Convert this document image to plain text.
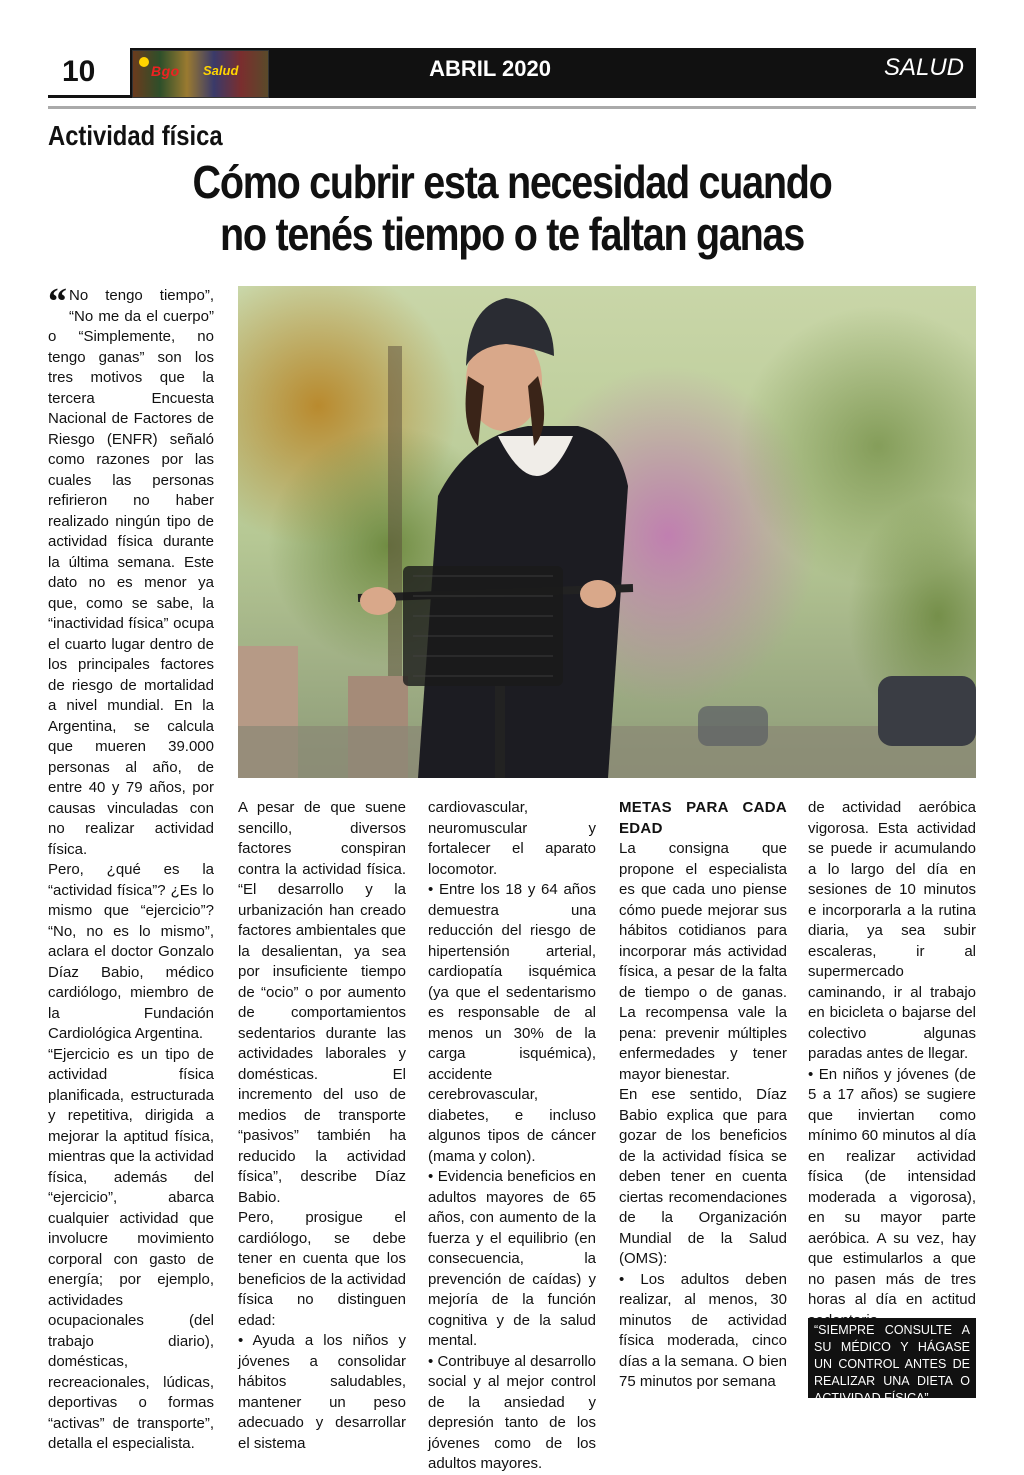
10	Bgo Salud	ABRIL 2020	SALUD
Actividad física
Cómo cubrir esta necesidad cuando
no tenés tiempo o te faltan ganas

“ No tengo tiempo”, “No me da el cuerpo” o “Simplemente, no tengo ganas” son los tres motivos que la tercera Encuesta Nacional de Factores de Riesgo (ENFR) señaló como razones por las cuales las personas refirieron no haber realizado ningún tipo de actividad física durante la última semana. Este dato no es menor ya que, como se sabe, la “inactividad física” ocupa el cuarto lugar dentro de los principales factores de riesgo de mortalidad a nivel mundial. En la Argentina, se calcula que mueren 39.000 personas al año, de entre 40 y 79 años, por causas vinculadas con no realizar actividad física.

Pero, ¿qué es la “actividad física”? ¿Es lo mismo que “ejercicio”? “No, no es lo mismo”, aclara el doctor Gonzalo Díaz Babio, médico cardiólogo, miembro de la Fundación Cardiológica Argentina.

“Ejercicio es un tipo de actividad física planificada, estructurada y repetitiva, dirigida a mejorar la aptitud física, mientras que la actividad física, además del “ejercicio”, abarca cualquier actividad que involucre movimiento corporal con gasto de energía; por ejemplo, actividades ocupacionales (del trabajo diario), domésticas, recreacionales, lúdicas, deportivas o formas “activas” de transporte”, detalla el especialista.

A pesar de que suene sencillo, diversos factores conspiran contra la actividad física. “El desarrollo y la urbanización han creado factores ambientales que la desalientan, ya sea por insuficiente tiempo de “ocio” o por aumento de comportamientos sedentarios durante las actividades laborales y domésticas. El incremento del uso de medios de transporte “pasivos” también ha reducido la actividad física”, describe Díaz Babio.

Pero, prosigue el cardiólogo, se debe tener en cuenta que los beneficios de la actividad física no distinguen edad:

• Ayuda a los niños y jóvenes a consolidar hábitos saludables, mantener un peso adecuado y desarrollar el sistema

cardiovascular, neuromuscular y fortalecer el aparato locomotor.

• Entre los 18 y 64 años demuestra una reducción del riesgo de hipertensión arterial, cardiopatía isquémica (ya que el sedentarismo es responsable de al menos un 30% de la carga isquémica), accidente cerebrovascular, diabetes, e incluso algunos tipos de cáncer (mama y colon).

• Evidencia beneficios en adultos mayores de 65 años, con aumento de la fuerza y el equilibrio (en consecuencia, la prevención de caídas) y mejoría de la función cognitiva y de la salud mental.

• Contribuye al desarrollo social y al mejor control de la ansiedad y depresión tanto de los jóvenes como de los adultos mayores.

METAS PARA CADA EDAD

La consigna que propone el especialista es que cada uno piense cómo puede mejorar sus hábitos cotidianos para incorporar más actividad física, a pesar de la falta de tiempo o de ganas. La recompensa vale la pena: prevenir múltiples enfermedades y tener mayor bienestar.

En ese sentido, Díaz Babio explica que para gozar de los beneficios de la actividad física se deben tener en cuenta ciertas recomendaciones de la Organización Mundial de la Salud (OMS):

• Los adultos deben realizar, al menos, 30 minutos de actividad física moderada, cinco días a la semana. O bien 75 minutos por semana

de actividad aeróbica vigorosa. Esta actividad se puede ir acumulando a lo largo del día en sesiones de 10 minutos e incorporarla a la rutina diaria, ya sea subir escaleras, ir al supermercado caminando, ir al trabajo en bicicleta o bajarse del colectivo algunas paradas antes de llegar.

• En niños y jóvenes (de 5 a 17 años) se sugiere que inviertan como mínimo 60 minutos al día en realizar actividad física (de intensidad moderada a vigorosa), en su mayor parte aeróbica. A su vez, hay que estimularlos a que no pasen más de tres horas al día en actitud

“SIEMPRE CONSULTE A SU MÉDICO Y HÁGASE UN CONTROL ANTES DE REALIZAR UNA DIETA O ACTIVIDAD FÍSICA”
